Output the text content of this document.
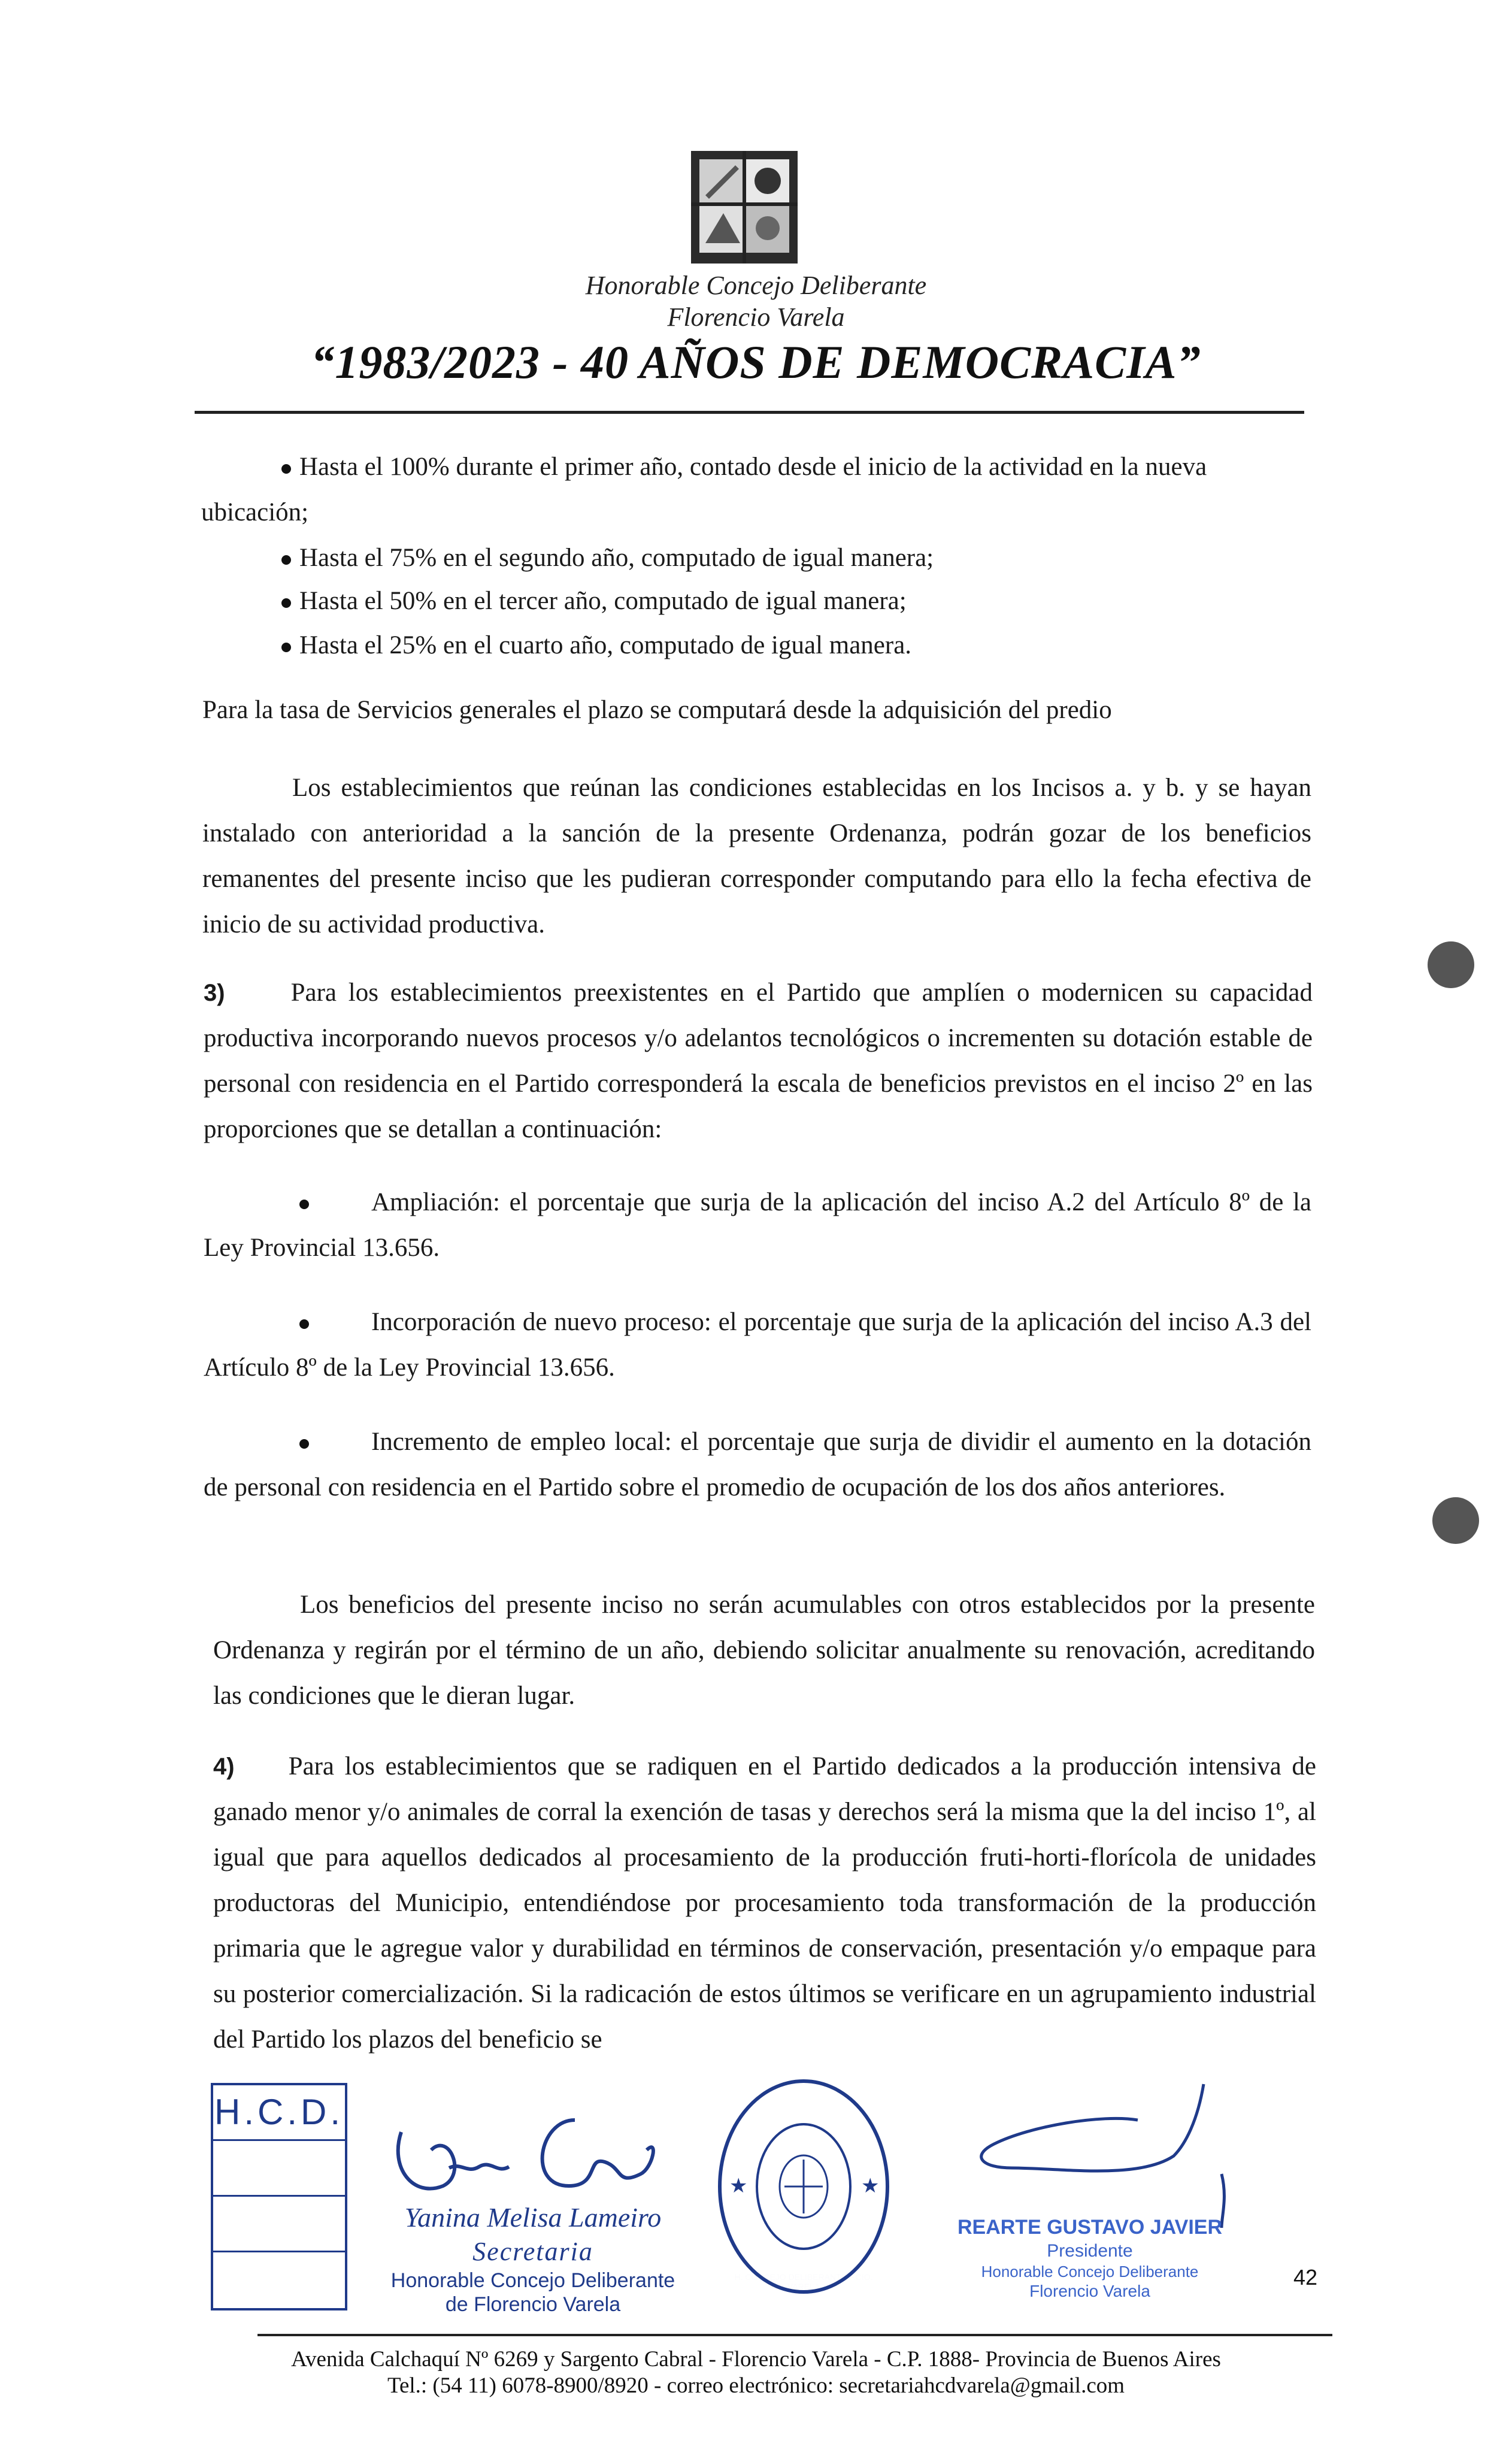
Honorable Concejo Deliberante
Florencio Varela
“1983/2023 - 40 AÑOS DE DEMOCRACIA”
Hasta el 100% durante el primer año, contado desde el inicio de la actividad en la nueva
ubicación;
Hasta el 75% en el segundo año, computado de igual manera;
Hasta el 50% en el tercer año, computado de igual manera;
Hasta el 25% en el cuarto año, computado de igual manera.
Para la tasa de Servicios generales el plazo se computará desde la adquisición del predio
Los establecimientos que reúnan las condiciones establecidas en los Incisos a. y b. y se hayan instalado con anterioridad a la sanción de la presente Ordenanza, podrán gozar de los beneficios remanentes del presente inciso que les pudieran corresponder computando para ello la fecha efectiva de inicio de su actividad productiva.
3)	Para los establecimientos preexistentes en el Partido que amplíen o modernicen su capacidad productiva incorporando nuevos procesos y/o adelantos tecnológicos o incrementen su dotación estable de personal con residencia en el Partido corresponderá la escala de beneficios previstos en el inciso 2º en las proporciones que se detallan a continuación:
Ampliación: el porcentaje que surja de la aplicación del inciso A.2 del Artículo 8º de la Ley Provincial 13.656.
Incorporación de nuevo proceso: el porcentaje que surja de la aplicación del inciso A.3 del Artículo 8º de la Ley Provincial 13.656.
Incremento de empleo local: el porcentaje que surja de dividir el aumento en la dotación de personal con residencia en el Partido sobre el promedio de ocupación de los dos años anteriores.
Los beneficios del presente inciso no serán acumulables con otros establecidos por la presente Ordenanza y regirán por el término de un año, debiendo solicitar anualmente su renovación, acreditando las condiciones que le dieran lugar.
4) Para los establecimientos que se radiquen en el Partido dedicados a la producción intensiva de ganado menor y/o animales de corral la exención de tasas y derechos será la misma que la del inciso 1º, al igual que para aquellos dedicados al procesamiento de la producción fruti-horti-florícola de unidades productoras del Municipio, entendiéndose por procesamiento toda transformación de la producción primaria que le agregue valor y durabilidad en términos de conservación, presentación y/o empaque para su posterior comercialización. Si la radicación de estos últimos se verificare en un agrupamiento industrial del Partido los plazos del beneficio se
H.C.D.
Yanina Melisa Lameiro
Secretaria
Honorable Concejo Deliberante
de Florencio Varela
★	★
REARTE GUSTAVO JAVIER
Presidente
Honorable Concejo Deliberante
Florencio Varela
42
Avenida Calchaquí Nº 6269 y Sargento Cabral - Florencio Varela - C.P. 1888- Provincia de Buenos Aires
Tel.: (54 11) 6078-8900/8920 - correo electrónico: secretariahcdvarela@gmail.com
